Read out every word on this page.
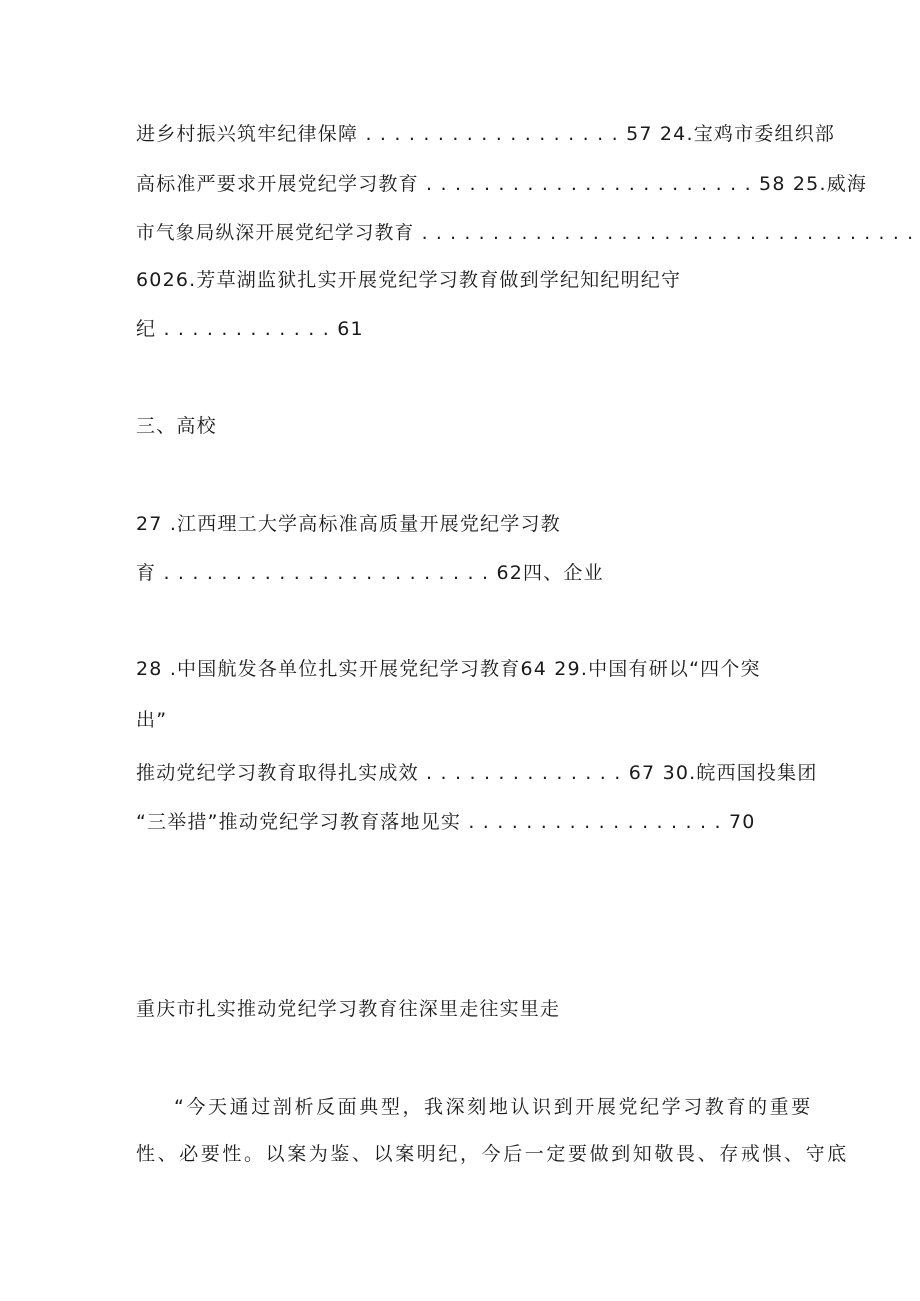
进乡村振兴筑牢纪律保障 . . . . . . . . . . . . . . . . . . 57 24.宝鸡市委组织部
高标准严要求开展党纪学习教育 . . . . . . . . . . . . . . . . . . . . . . . 58 25.威海
市气象局纵深开展党纪学习教育 . . . . . . . . . . . . . . . . . . . . . . . . . . . . . . . . . . .
6026.芳草湖监狱扎实开展党纪学习教育做到学纪知纪明纪守
纪 . . . . . . . . . . . . 61
三、高校
27 .江西理工大学高标准高质量开展党纪学习教
育 . . . . . . . . . . . . . . . . . . . . . . . 62四、企业
28 .中国航发各单位扎实开展党纪学习教育64 29.中国有研以“四个突
出”
推动党纪学习教育取得扎实成效 . . . . . . . . . . . . . . 67 30.皖西国投集团
“三举措”推动党纪学习教育落地见实 . . . . . . . . . . . . . . . . . . 70
重庆市扎实推动党纪学习教育往深里走往实里走
“今天通过剖析反面典型，我深刻地认识到开展党纪学习教育的重要
性、必要性。以案为鉴、以案明纪，今后一定要做到知敬畏、存戒惧、守底
